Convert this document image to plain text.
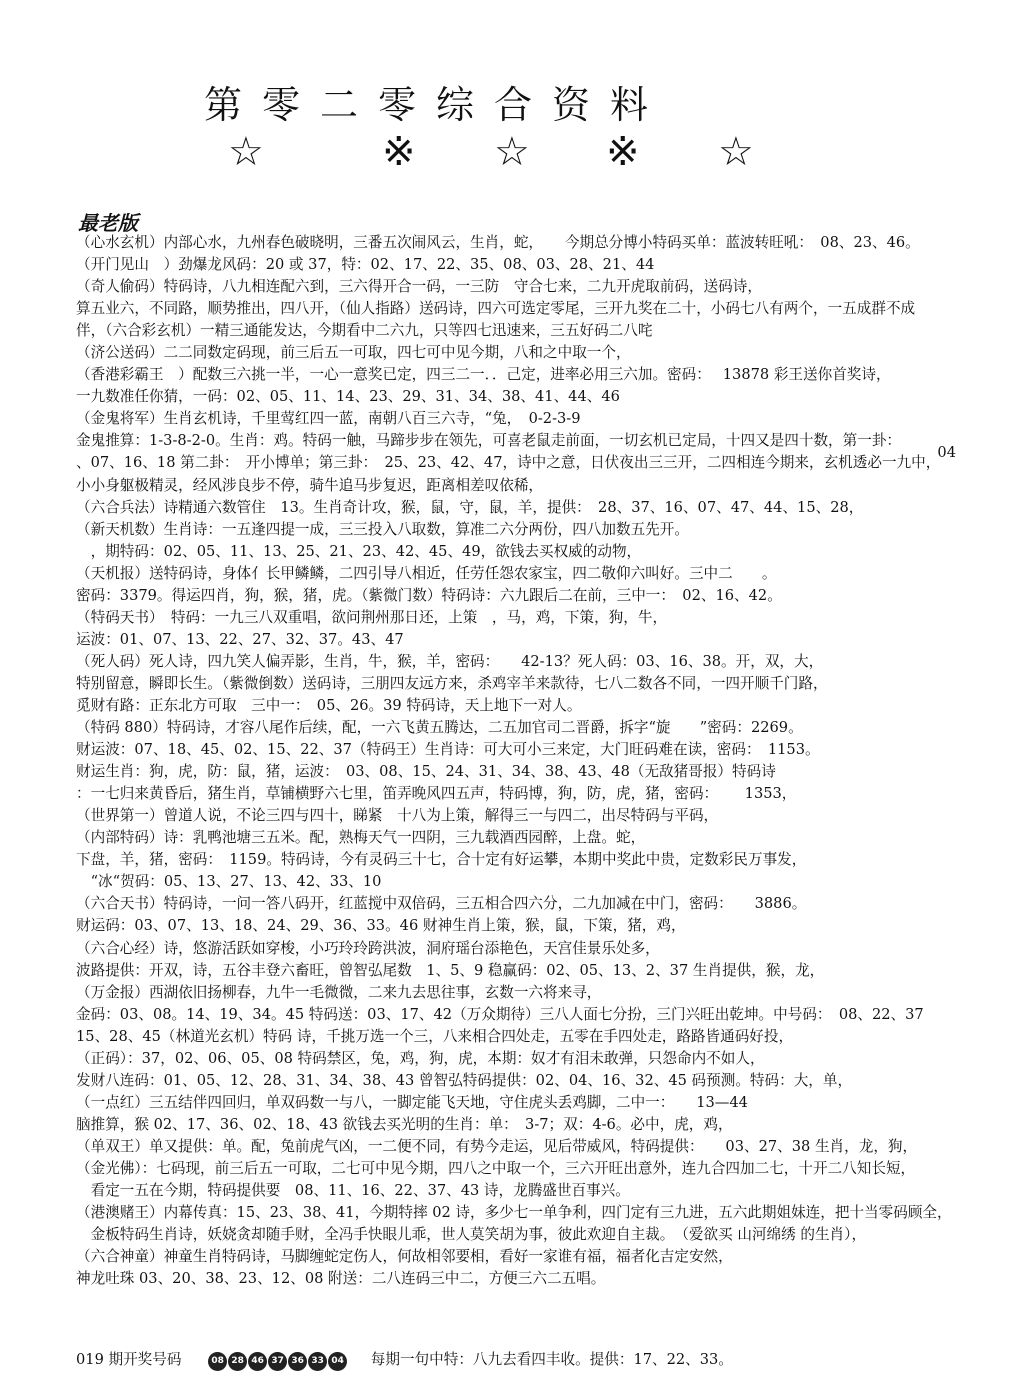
第零二零综合资料
☆	※ ☆ ※ ☆
最老版
（心水玄机）内部心水，九州春色破晓明，三番五次闹风云，生肖，蛇，　　今期总分博小特码买单：蓝波转旺吼：　08、23、46。
（开门见山　）劲爆龙风码：20 或 37，特：02、17、22、35、08、03、28、21、44
（奇人偷码）特码诗，八九相连配六到，三六得开合一码，一三防　守合七来，二九开虎取前码，送码诗，
算五业六，不同路，顺势推出，四八开，（仙人指路）送码诗，四六可选定零尾，三开九奖在二十，小码七八有两个，一五成群不成
伴，（六合彩玄机）一精三通能发达，今期看中二六九，只等四七迅速来，三五好码二八咤
（济公送码）二二同数定码现，前三后五一可取，四七可中见今期，八和之中取一个，
（香港彩霸王　）配数三六挑一半，一心一意奖已定，四三二一．．己定，进率必用三六加。密码：　 13878 彩王送你首奖诗，
一九数准任你猜，一码：02、05、11、14、23、29、31、34、38、41、44、46
（金鬼将军）生肖玄机诗，千里莺红四一蓝，南朝八百三六寺，“兔，　0-2-3-9
金鬼推算：1-3-8-2-0。生肖：鸡。特码一触，马蹄步步在领先，可喜老鼠走前面，一切玄机已定局，十四又是四十数，第一卦：
、07、16、18 第二卦：　开小博单；第三卦：　25、23、42、47，诗中之意，日伏夜出三三开，二四相连今期来，玄机透必一九中，
小小身躯极精灵，经风涉良步不停，骑牛追马步复迟，距离相差叹依稀，
（六合兵法）诗精通六数管住　13。生肖奇计攻，猴，鼠，守，鼠，羊，提供：　28、37、16、07、47、44、15、28，
（新天机数）生肖诗：一五逢四提一成，三三投入八取数，算准二六分两份，四八加数五先开。
　，期特码：02、05、11、13、25、21、23、42、45、49，欲钱去买权威的动物，
（天机报）送特码诗，身体亻长甲鳞鳞，二四引导八相近，任劳任怨农家宝，四二敬仰六叫好。三中二　　。
密码：3379。得运四肖，狗，猴，猪，虎。（紫微门数）特码诗：六九跟后二在前，三中一：　02、16、42。
（特码天书）　特码：一九三八双重唱，欲问荆州那日还，上策　，马，鸡，下策，狗，牛，
运波：01、07、13、22、27、32、37。43、47
（死人码）死人诗，四九笑人偏弄影，生肖，牛，猴，羊，密码：　　42-13？死人码：03、16、38。开，双，大，
特别留意，瞬即长生。（紫微倒数）送码诗，三朋四友远方来，杀鸡宰羊来款待，七八二数各不同，一四开顺千门路，
觅财有路：正东北方可取　三中一：　05、26。39 特码诗，天上地下一对人。
（特码 880）特码诗，才容八尾作后续，配，一六飞黄五腾达，二五加官司二晋爵，拆字“旋　　”密码：2269。
财运波：07、18、45、02、15、22、37（特码王）生肖诗：可大可小三来定，大门旺码难在读，密码：　1153。
财运生肖：狗，虎，防：鼠，猪，运波：　03、08、15、24、31、34、38、43、48（无敌猪哥报）特码诗
：一七归来黄昏后，猪生肖，草铺横野六七里，笛弄晚风四五声，特码博，狗，防，虎，猪，密码：　　 1353，
（世界第一）曾道人说，不论三四与四十，睇紧　十八为上策，解得三一与四二，出尽特码与平码，
（内部特码）诗：乳鸭池塘三五米。配，熟梅天气一四阴，三九载酒西园醉，上盘。蛇，
下盘，羊，猪，密码：　1159。特码诗，今有灵码三十七，合十定有好运攀，本期中奖此中贵，定数彩民万事发，
　“冰“贺码：05、13、27、13、42、33、10
（六合天书）特码诗，一问一答八码开，红蓝搅中双倍码，三五相合四六分，二九加减在中门，密码：　　3886。
财运码：03、07、13、18、24、29、36、33。46 财神生肖上策，猴，鼠，下策，猪，鸡，
（六合心经）诗，悠游活跃如穿梭，小巧玲玲跨洪波，洞府瑶台添艳色，天宫佳景乐处多，
波路提供：开双，诗，五谷丰登六畜旺，曾智弘尾数　1、5、9 稳赢码：02、05、13、2、37 生肖提供，猴，龙，
（万金报）西湖依旧扬柳春，九牛一毛微微，二来九去思往事，玄数一六将来寻，
金码：03、08。14、19、34。45 特码送：03、17、42（万众期待）三八人面七分扮，三门兴旺出乾坤。中号码：　08、22、37
15、28、45（林道光玄机）特码 诗，千挑万选一个三，八来相合四处走，五零在手四处走，路路皆通码好投，
（正码）：37，02、06、05、08 特码禁区，兔，鸡，狗，虎，本期：奴才有泪未敢弹，只怨命内不如人，
发财八连码：01、05、12、28、31、34、38、43 曾智弘特码提供：02、04、16、32、45 码预测。特码：大，单，
（一点红）三五结伴四回归，单双码数一与八，一脚定能飞天地，守住虎头丢鸡脚，二中一：　　13—44
脑推算，猴 02、17、36、02、18、43 欲钱去买光明的生肖：单：　3-7；双：4-6。必中，虎，鸡，
（单双王）单又提供：单。配，兔前虎气凶，一二便不同，有势今走运，见后带威风，特码提供：　　03、27、38 生肖，龙，狗，
（金光佛）：七码现，前三后五一可取，二七可中见今期，四八之中取一个，三六开旺出意外，连九合四加二七，十开二八知长短，
　看定一五在今期，特码提供要　08、11、16、22、37、43 诗，龙腾盛世百事兴。
（港澳赌王）内幕传真：15、23、38、41，今期特摔 02 诗，多少七一单争利，四门定有三九进，五六此期姐妹连，把十当零码顾全，
　金板特码生肖诗，妖娆贪却随手财，全冯手快眼儿乖，世人莫笑胡为事，彼此欢迎自主裁。　（爱欲买 山河绵绣 的生肖），
（六合神童）神童生肖特码诗，马脚缠蛇定伤人，何故相邻要相，看好一家谁有福，福者化吉定安然，
神龙吐珠 03、20、38、23、12、08 附送：二八连码三中二，方便三六二五唱。
04
019 期开奖号码	08 28 46 37 36 33 04 每期一句中特：八九去看四丰收。提供：17、22、33。
